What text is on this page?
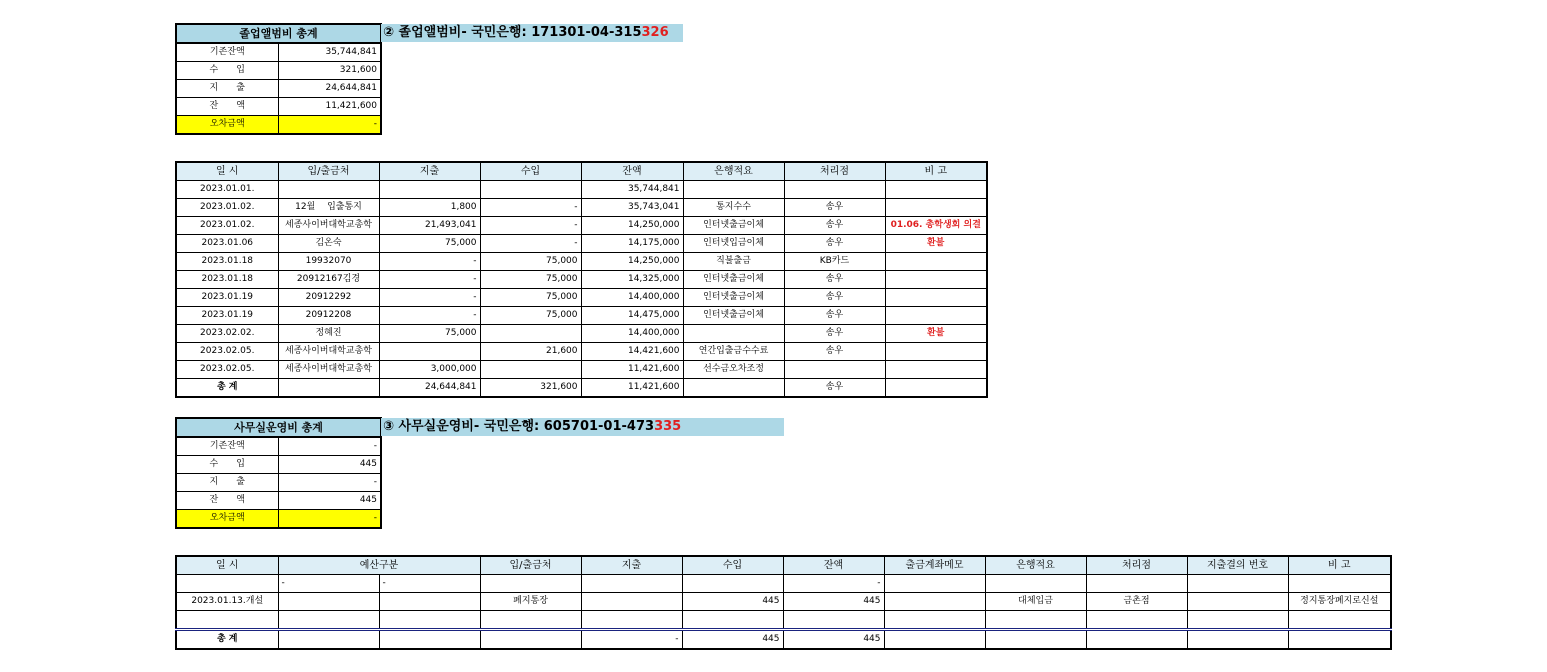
졸업앨범비 총계	
기존잔액	35,744,841
수　　입	321,600
지　　출	24,644,841
잔　　액	11,421,600
오차금액	-
② 졸업앨범비- 국민은행: 171301-04-315326
일 시	입/출금처	지출	수입	잔액	은행적요	처리점	비 고
2023.01.01.				35,744,841			
2023.01.02.	12월 　입출통지	1,800	-	35,743,041	통지수수	송우	
2023.01.02.	세종사이버대학교총학	21,493,041	-	14,250,000	인터넷출금이체	송우	01.06. 총학생회 의결
2023.01.06	김온숙	75,000	-	14,175,000	인터넷입금이체	송우	환불
2023.01.18	19932070	-	75,000	14,250,000	직불출금	KB카드	
2023.01.18	20912167김경	-	75,000	14,325,000	인터넷출금이체	송우	
2023.01.19	20912292	-	75,000	14,400,000	인터넷출금이체	송우	
2023.01.19	20912208	-	75,000	14,475,000	인터넷출금이체	송우	
2023.02.02.	정혜진	75,000		14,400,000		송우	환불
2023.02.05.	세종사이버대학교총학		21,600	14,421,600	연간입출금수수료	송우	
2023.02.05.	세종사이버대학교총학	3,000,000		11,421,600	선수금오차조정		
총 계		24,644,841	321,600	11,421,600		송우	
사무실운영비 총계	
기존잔액	-
수　　입	445
지　　출	-
잔　　액	445
오차금액	-
③ 사무실운영비- 국민은행: 605701-01-473335
일 시	예산구분		입/출금처	지출	수입	잔액	출금계좌메모	은행적요	처리점	지출결의 번호	비 고
	-	-				-					
2023.01.13.개설			폐지통장		445	445		대체입금	금촌점		정지통장폐지로신설

총 계				-	445	445					
